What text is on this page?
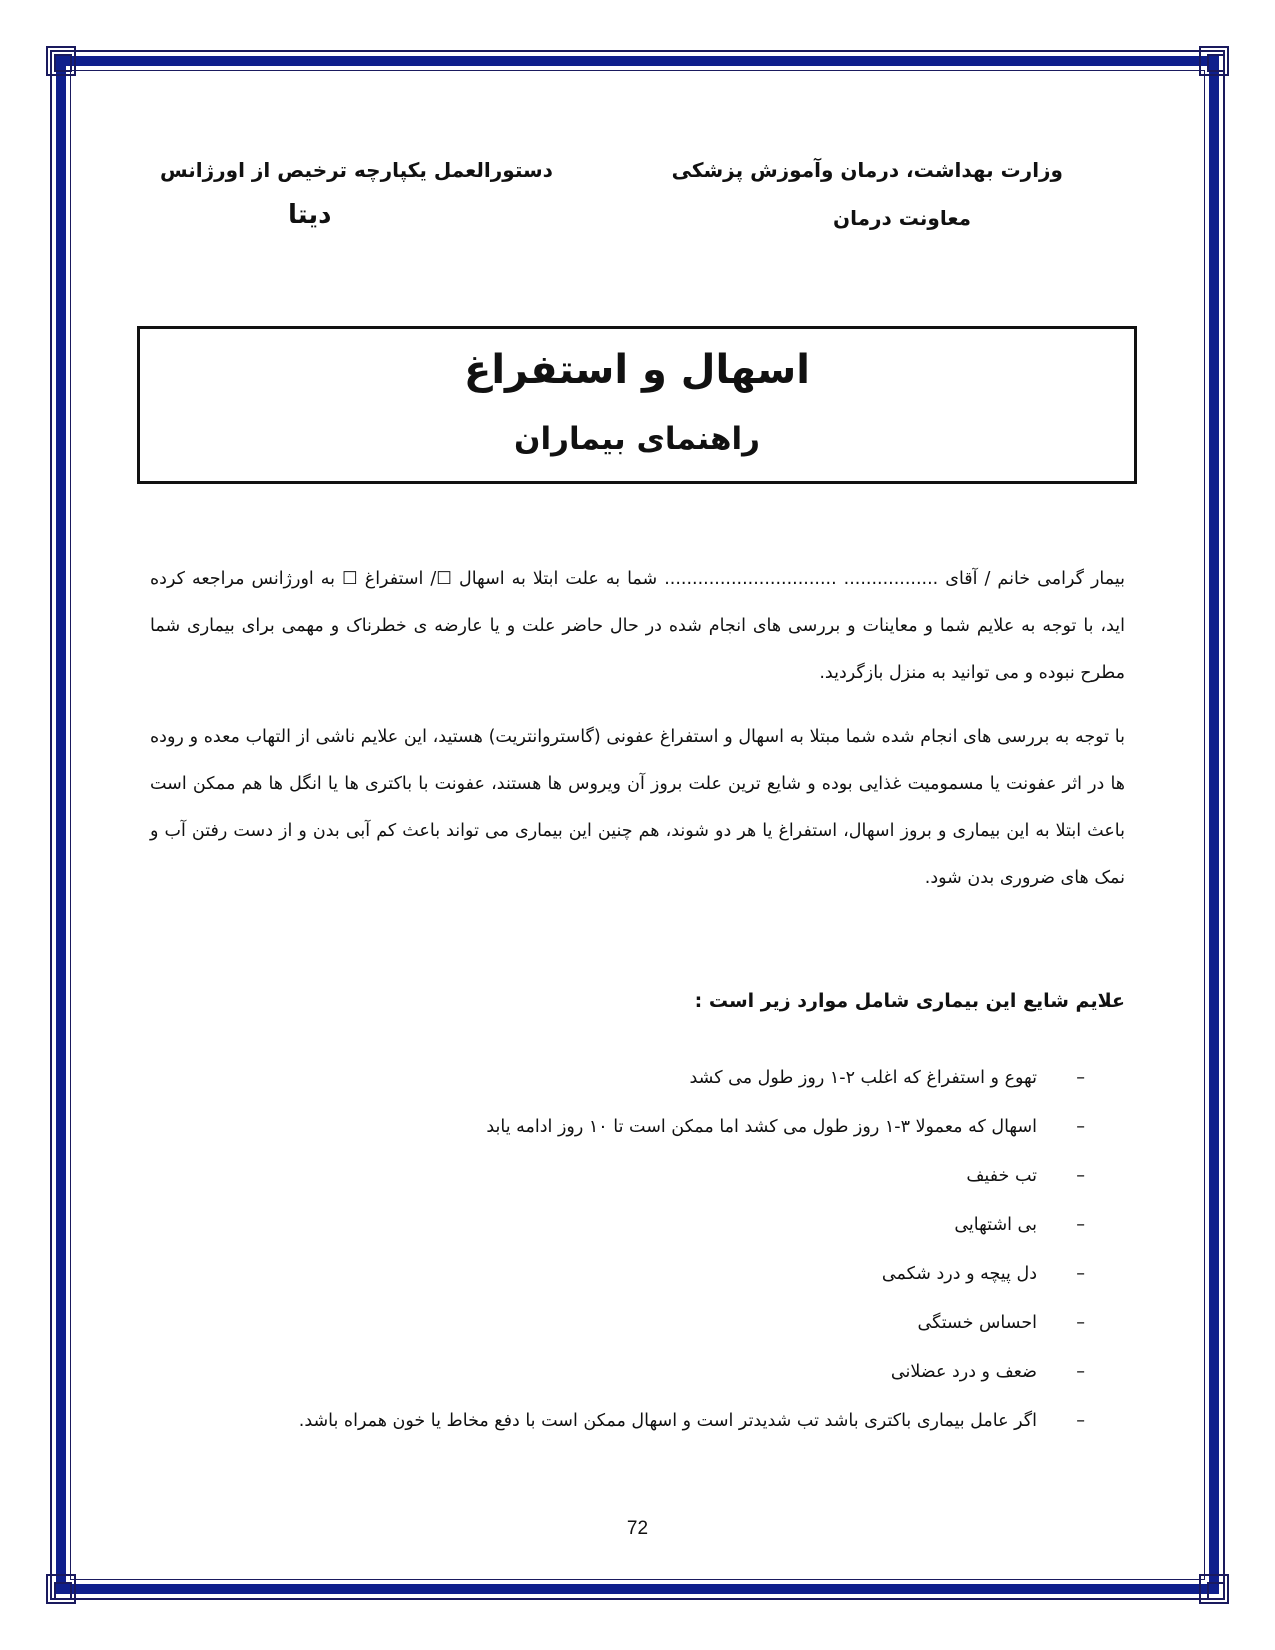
وزارت بهداشت، درمان وآموزش پزشکی
معاونت درمان
دستورالعمل یکپارچه ترخیص از اورژانس
دیتا
اسهال و استفراغ
راهنمای بیماران

بیمار گرامی خانم / آقای ................. ............................... شما به علت ابتلا به اسهال ☐/ استفراغ ☐ به اورژانس مراجعه کرده اید، با توجه به علایم شما و معاینات و بررسی های انجام شده در حال حاضر علت و یا عارضه ی خطرناک و مهمی برای بیماری شما مطرح نبوده و می توانید به منزل بازگردید.

با توجه به بررسی های انجام شده شما مبتلا به اسهال و استفراغ عفونی (گاستروانتریت) هستید، این علایم ناشی از التهاب معده و روده ها در اثر عفونت یا مسمومیت غذایی بوده و شایع ترین علت بروز آن ویروس ها هستند، عفونت با باکتری ها یا انگل ها هم ممکن است باعث ابتلا به این بیماری و بروز اسهال، استفراغ یا هر دو شوند، هم چنین این بیماری می تواند باعث کم آبی بدن و از دست رفتن آب و نمک های ضروری بدن شود.

علایم شایع این بیماری شامل موارد زیر است :
–تهوع و استفراغ که اغلب ۲-۱ روز طول می کشد
–اسهال که معمولا ۳-۱ روز طول می کشد اما ممکن است تا ۱۰ روز ادامه یابد
–تب خفیف
–بی اشتهایی
–دل پیچه و درد شکمی
–احساس خستگی
–ضعف و درد عضلانی
–اگر عامل بیماری باکتری باشد تب شدیدتر است و اسهال ممکن است با دفع مخاط یا خون همراه باشد.
72
